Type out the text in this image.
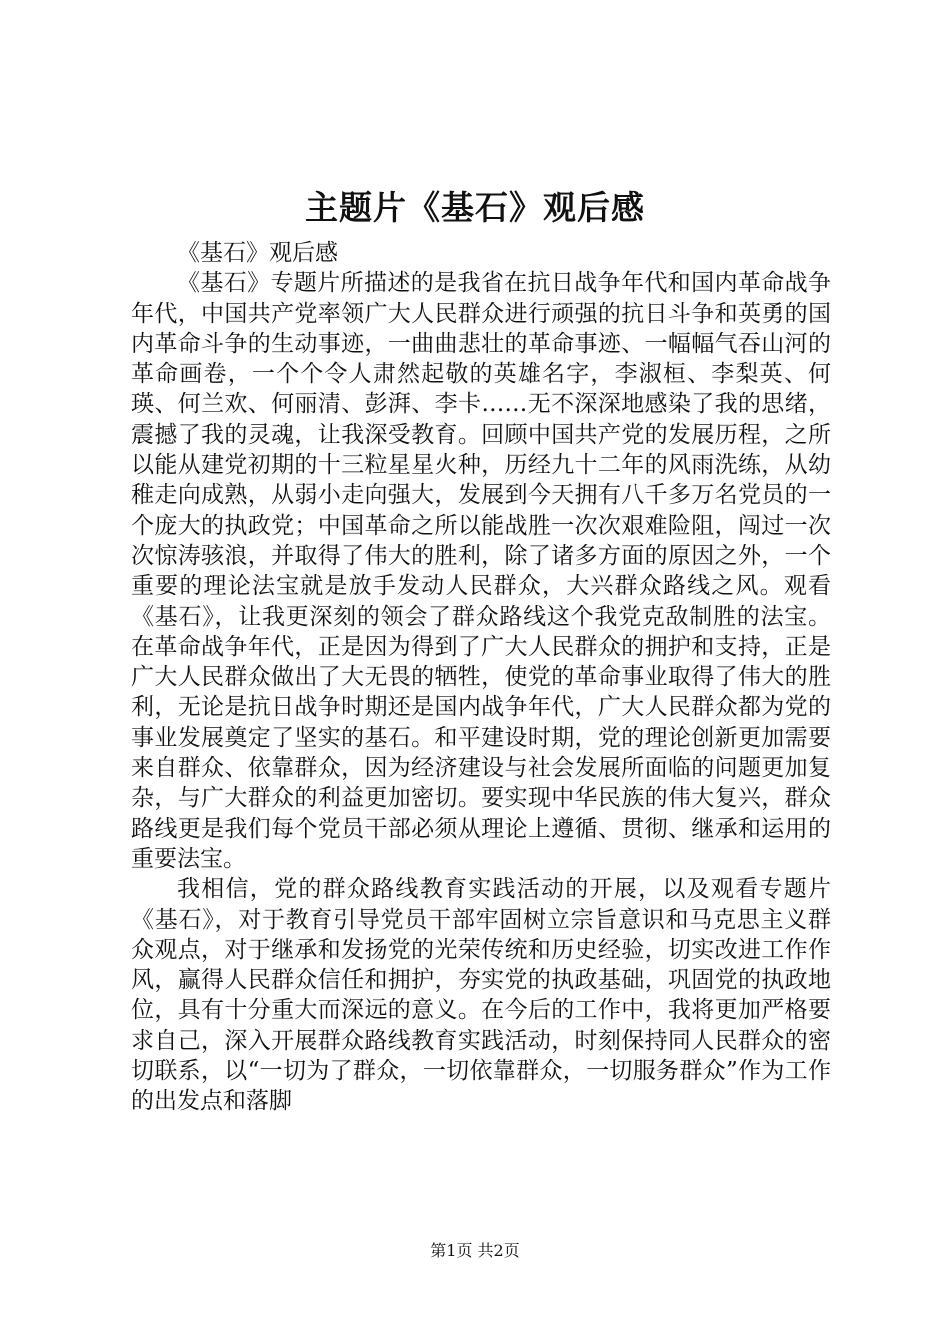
主题片《基石》观后感

《基石》观后感

《基石》专题片所描述的是我省在抗日战争年代和国内革命战争年代，中国共产党率领广大人民群众进行顽强的抗日斗争和英勇的国内革命斗争的生动事迹，一曲曲悲壮的革命事迹、一幅幅气吞山河的革命画卷，一个个令人肃然起敬的英雄名字，李淑桓、李梨英、何瑛、何兰欢、何丽清、彭湃、李卡……无不深深地感染了我的思绪，震撼了我的灵魂，让我深受教育。回顾中国共产党的发展历程，之所以能从建党初期的十三粒星星火种，历经九十二年的风雨洗练，从幼稚走向成熟，从弱小走向强大，发展到今天拥有八千多万名党员的一个庞大的执政党；中国革命之所以能战胜一次次艰难险阻，闯过一次次惊涛骇浪，并取得了伟大的胜利，除了诸多方面的原因之外，一个重要的理论法宝就是放手发动人民群众，大兴群众路线之风。观看《基石》，让我更深刻的领会了群众路线这个我党克敌制胜的法宝。在革命战争年代，正是因为得到了广大人民群众的拥护和支持，正是广大人民群众做出了大无畏的牺牲，使党的革命事业取得了伟大的胜利，无论是抗日战争时期还是国内战争年代，广大人民群众都为党的事业发展奠定了坚实的基石。和平建设时期，党的理论创新更加需要来自群众、依靠群众，因为经济建设与社会发展所面临的问题更加复杂，与广大群众的利益更加密切。要实现中华民族的伟大复兴，群众路线更是我们每个党员干部必须从理论上遵循、贯彻、继承和运用的重要法宝。

我相信，党的群众路线教育实践活动的开展，以及观看专题片《基石》，对于教育引导党员干部牢固树立宗旨意识和马克思主义群众观点，对于继承和发扬党的光荣传统和历史经验，切实改进工作作风，赢得人民群众信任和拥护，夯实党的执政基础，巩固党的执政地位，具有十分重大而深远的意义。在今后的工作中，我将更加严格要求自己，深入开展群众路线教育实践活动，时刻保持同人民群众的密切联系，以“一切为了群众，一切依靠群众，一切服务群众”作为工作的出发点和落脚

第1页 共2页
